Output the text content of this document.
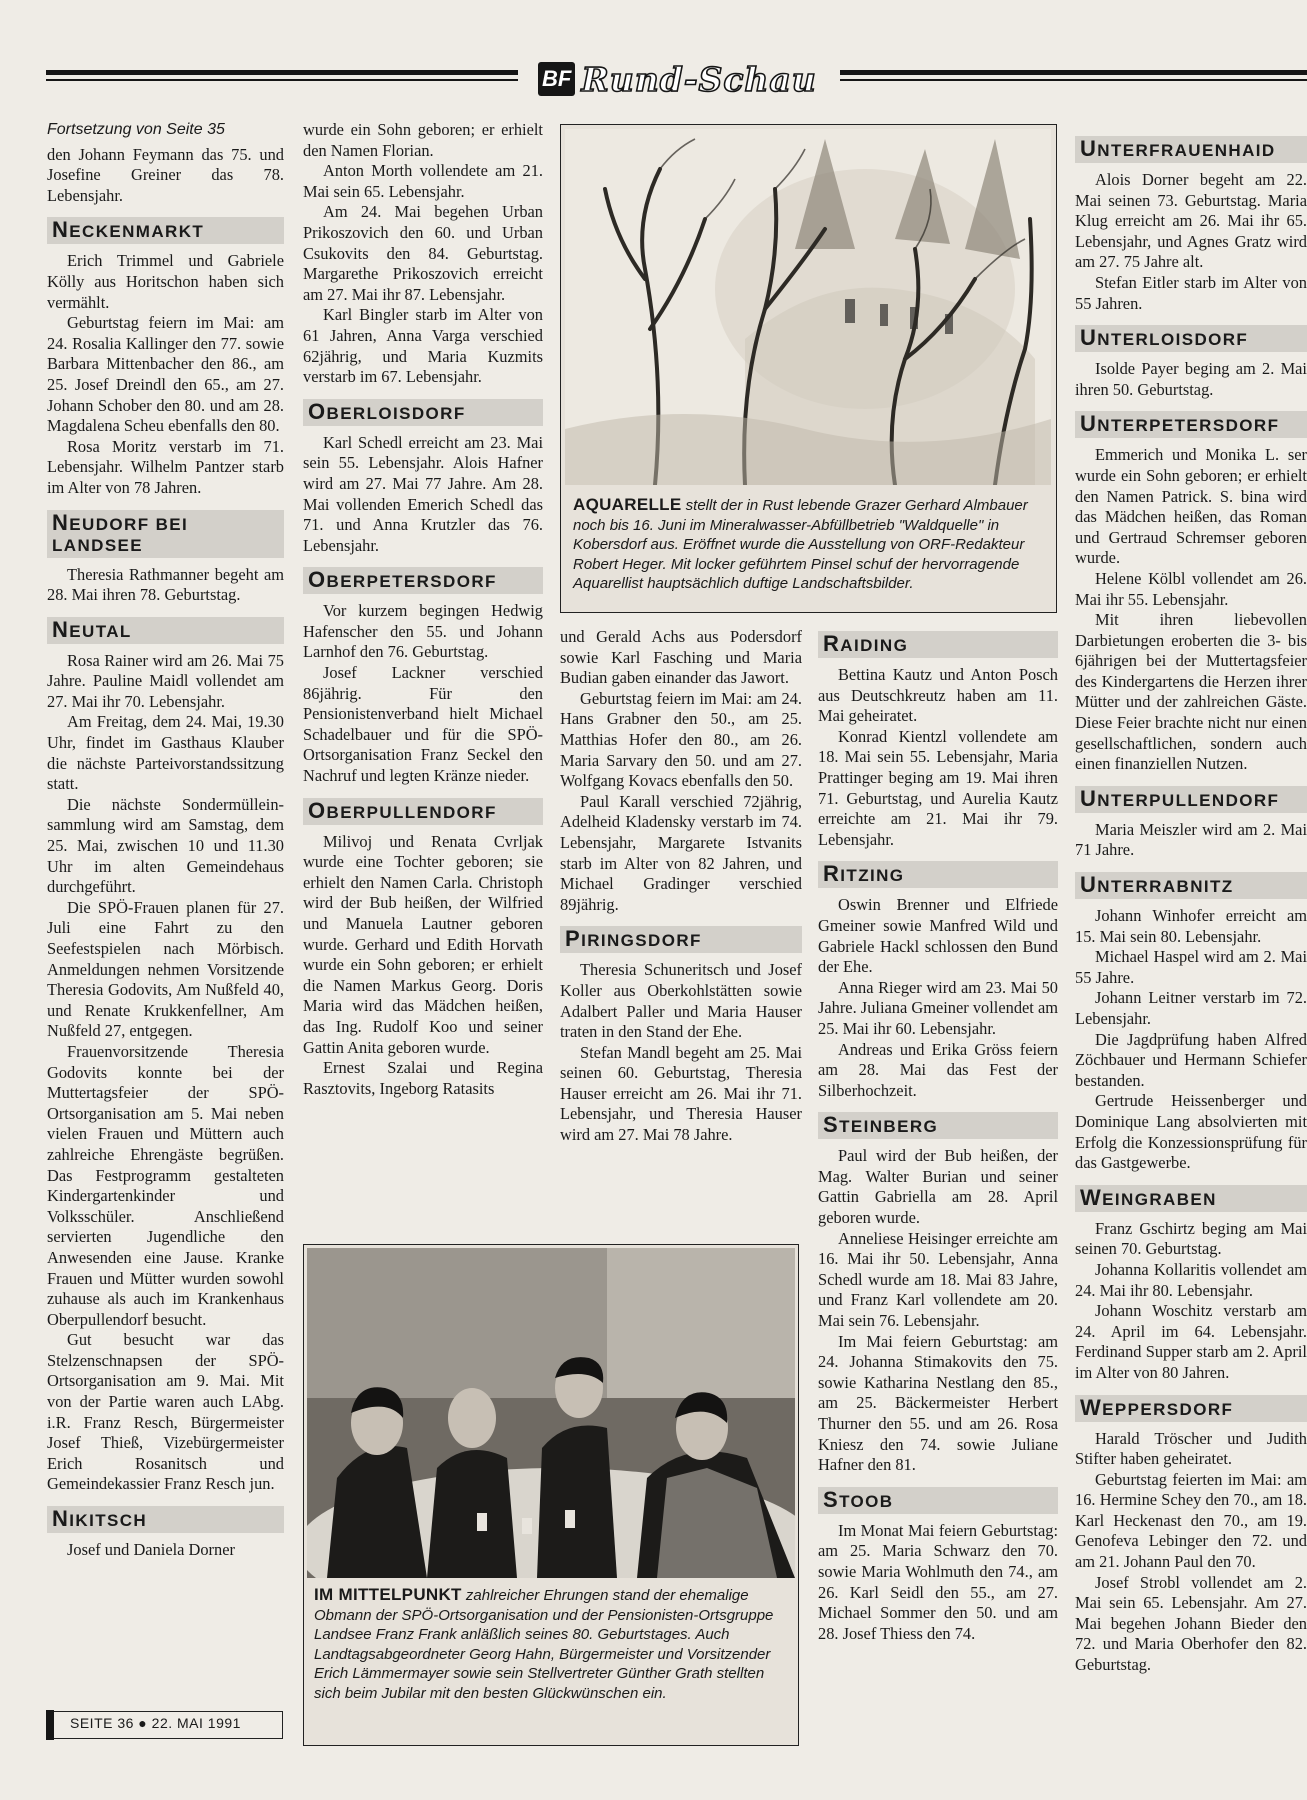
BF Rund-Schau
Fortsetzung von Seite 35

den Johann Feymann das 75. und Josefine Greiner das 78. Lebensjahr.

NECKENMARKT

Erich Trimmel und Gabriele Kölly aus Horitschon haben sich vermählt.

Geburtstag feiern im Mai: am 24. Rosalia Kallinger den 77. sowie Barbara Mittenbacher den 86., am 25. Josef Dreindl den 65., am 27. Johann Schober den 80. und am 28. Magdalena Scheu ebenfalls den 80.

Rosa Moritz verstarb im 71. Lebensjahr. Wilhelm Pantzer starb im Alter von 78 Jahren.

NEUDORF BEI LANDSEE

Theresia Rathmanner begeht am 28. Mai ihren 78. Geburtstag.

NEUTAL

Rosa Rainer wird am 26. Mai 75 Jahre. Pauline Maidl vollendet am 27. Mai ihr 70. Lebensjahr.

Am Freitag, dem 24. Mai, 19.30 Uhr, findet im Gasthaus Klauber die nächste Parteivorstandssitzung statt.

Die nächste Sondermülleinsammlung wird am Samstag, dem 25. Mai, zwischen 10 und 11.30 Uhr im alten Gemeindehaus durchgeführt.

Die SPÖ-Frauen planen für 27. Juli eine Fahrt zu den Seefestspielen nach Mörbisch. Anmeldungen nehmen Vorsitzende Theresia Godovits, Am Nußfeld 40, und Renate Krukkenfellner, Am Nußfeld 27, entgegen.

Frauenvorsitzende Theresia Godovits konnte bei der Muttertagsfeier der SPÖ-Ortsorganisation am 5. Mai neben vielen Frauen und Müttern auch zahlreiche Ehrengäste begrüßen. Das Festprogramm gestalteten Kindergartenkinder und Volksschüler. Anschließend servierten Jugendliche den Anwesenden eine Jause. Kranke Frauen und Mütter wurden sowohl zuhause als auch im Krankenhaus Oberpullendorf besucht.

Gut besucht war das Stelzenschnapsen der SPÖ-Ortsorganisation am 9. Mai. Mit von der Partie waren auch LAbg. i.R. Franz Resch, Bürgermeister Josef Thieß, Vizebürgermeister Erich Rosanitsch und Gemeindekassier Franz Resch jun.

NIKITSCH

Josef und Daniela Dorner

wurde ein Sohn geboren; er erhielt den Namen Florian.

Anton Morth vollendete am 21. Mai sein 65. Lebensjahr.

Am 24. Mai begehen Urban Prikoszovich den 60. und Urban Csukovits den 84. Geburtstag. Margarethe Prikoszovich erreicht am 27. Mai ihr 87. Lebensjahr.

Karl Bingler starb im Alter von 61 Jahren, Anna Varga verschied 62jährig, und Maria Kuzmits verstarb im 67. Lebensjahr.

OBERLOISDORF

Karl Schedl erreicht am 23. Mai sein 55. Lebensjahr. Alois Hafner wird am 27. Mai 77 Jahre. Am 28. Mai vollenden Emerich Schedl das 71. und Anna Krutzler das 76. Lebensjahr.

OBERPETERSDORF

Vor kurzem begingen Hedwig Hafenscher den 55. und Johann Larnhof den 76. Geburtstag.

Josef Lackner verschied 86jährig. Für den Pensionistenverband hielt Michael Schadelbauer und für die SPÖ-Ortsorganisation Franz Seckel den Nachruf und legten Kränze nieder.

OBERPULLENDORF

Milivoj und Renata Cvrljak wurde eine Tochter geboren; sie erhielt den Namen Carla. Christoph wird der Bub heißen, der Wilfried und Manuela Lautner geboren wurde. Gerhard und Edith Horvath wurde ein Sohn geboren; er erhielt die Namen Markus Georg. Doris Maria wird das Mädchen heißen, das Ing. Rudolf Koo und seiner Gattin Anita geboren wurde.

Ernest Szalai und Regina Rasztovits, Ingeborg Ratasits

AQUARELLE stellt der in Rust lebende Grazer Gerhard Almbauer noch bis 16. Juni im Mineralwasser-Abfüllbetrieb "Waldquelle" in Kobersdorf aus. Eröffnet wurde die Ausstellung von ORF-Redakteur Robert Heger. Mit locker geführtem Pinsel schuf der hervorragende Aquarellist hauptsächlich duftige Landschaftsbilder.

und Gerald Achs aus Podersdorf sowie Karl Fasching und Maria Budian gaben einander das Jawort.

Geburtstag feiern im Mai: am 24. Hans Grabner den 50., am 25. Matthias Hofer den 80., am 26. Maria Sarvary den 50. und am 27. Wolfgang Kovacs ebenfalls den 50.

Paul Karall verschied 72jährig, Adelheid Kladensky verstarb im 74. Lebensjahr, Margarete Istvanits starb im Alter von 82 Jahren, und Michael Gradinger verschied 89jährig.

PIRINGSDORF

Theresia Schuneritsch und Josef Koller aus Oberkohlstätten sowie Adalbert Paller und Maria Hauser traten in den Stand der Ehe.

Stefan Mandl begeht am 25. Mai seinen 60. Geburtstag, Theresia Hauser erreicht am 26. Mai ihr 71. Lebensjahr, und Theresia Hauser wird am 27. Mai 78 Jahre.

RAIDING

Bettina Kautz und Anton Posch aus Deutschkreutz haben am 11. Mai geheiratet.

Konrad Kientzl vollendete am 18. Mai sein 55. Lebensjahr, Maria Prattinger beging am 19. Mai ihren 71. Geburtstag, und Aurelia Kautz erreichte am 21. Mai ihr 79. Lebensjahr.

RITZING

Oswin Brenner und Elfriede Gmeiner sowie Manfred Wild und Gabriele Hackl schlossen den Bund der Ehe.

Anna Rieger wird am 23. Mai 50 Jahre. Juliana Gmeiner vollendet am 25. Mai ihr 60. Lebensjahr.

Andreas und Erika Gröss feiern am 28. Mai das Fest der Silberhochzeit.

STEINBERG

Paul wird der Bub heißen, der Mag. Walter Burian und seiner Gattin Gabriella am 28. April geboren wurde.

Anneliese Heisinger erreichte am 16. Mai ihr 50. Lebensjahr, Anna Schedl wurde am 18. Mai 83 Jahre, und Franz Karl vollendete am 20. Mai sein 76. Lebensjahr.

Im Mai feiern Geburtstag: am 24. Johanna Stimakovits den 75. sowie Katharina Nestlang den 85., am 25. Bäckermeister Herbert Thurner den 55. und am 26. Rosa Kniesz den 74. sowie Juliane Hafner den 81.

STOOB

Im Monat Mai feiern Geburtstag: am 25. Maria Schwarz den 70. sowie Maria Wohlmuth den 74., am 26. Karl Seidl den 55., am 27. Michael Sommer den 50. und am 28. Josef Thiess den 74.

IM MITTELPUNKT zahlreicher Ehrungen stand der ehemalige Obmann der SPÖ-Ortsorganisation und der Pensionisten-Ortsgruppe Landsee Franz Frank anläßlich seines 80. Geburtstages. Auch Landtagsabgeordneter Georg Hahn, Bürgermeister und Vorsitzender Erich Lämmermayer sowie sein Stellvertreter Günther Grath stellten sich beim Jubilar mit den besten Glückwünschen ein.
UNTERFRAUENHAID

Alois Dorner begeht am 22. Mai seinen 73. Geburtstag. Maria Klug erreicht am 26. Mai ihr 65. Lebensjahr, und Agnes Gratz wird am 27. 75 Jahre alt.

Stefan Eitler starb im Alter von 55 Jahren.

UNTERLOISDORF

Isolde Payer beging am 2. Mai ihren 50. Geburtstag.

UNTERPETERSDORF

Emmerich und Monika L. ser wurde ein Sohn geboren; er erhielt den Namen Patrick. S. bina wird das Mädchen heißen, das Roman und Gertraud Schremser geboren wurde.

Helene Kölbl vollendet am 26. Mai ihr 55. Lebensjahr.

Mit ihren liebevollen Darbietungen eroberten die 3- bis 6jährigen bei der Muttertagsfeier des Kindergartens die Herzen ihrer Mütter und der zahlreichen Gäste. Diese Feier brachte nicht nur einen gesellschaftlichen, sondern auch einen finanziellen Nutzen.

UNTERPULLENDORF

Maria Meiszler wird am 2. Mai 71 Jahre.

UNTERRABNITZ

Johann Winhofer erreicht am 15. Mai sein 80. Lebensjahr.

Michael Haspel wird am 2. Mai 55 Jahre.

Johann Leitner verstarb im 72. Lebensjahr.

Die Jagdprüfung haben Alfred Zöchbauer und Hermann Schiefer bestanden.

Gertrude Heissenberger und Dominique Lang absolvierten mit Erfolg die Konzessionsprüfung für das Gastgewerbe.

WEINGRABEN

Franz Gschirtz beging am Mai seinen 70. Geburtstag.

Johanna Kollaritis vollendet am 24. Mai ihr 80. Lebensjahr.

Johann Woschitz verstarb am 24. April im 64. Lebensjahr. Ferdinand Supper starb am 2. April im Alter von 80 Jahren.

WEPPERSDORF

Harald Tröscher und Judith Stifter haben geheiratet.

Geburtstag feierten im Mai: am 16. Hermine Schey den 70., am 18. Karl Heckenast den 70., am 19. Genofeva Lebinger den 72. und am 21. Johann Paul den 70.

Josef Strobl vollendet am 2. Mai sein 65. Lebensjahr. Am 27. Mai begehen Johann Bieder den 72. und Maria Oberhofer den 82. Geburtstag.

SEITE 36 ● 22. MAI 1991
